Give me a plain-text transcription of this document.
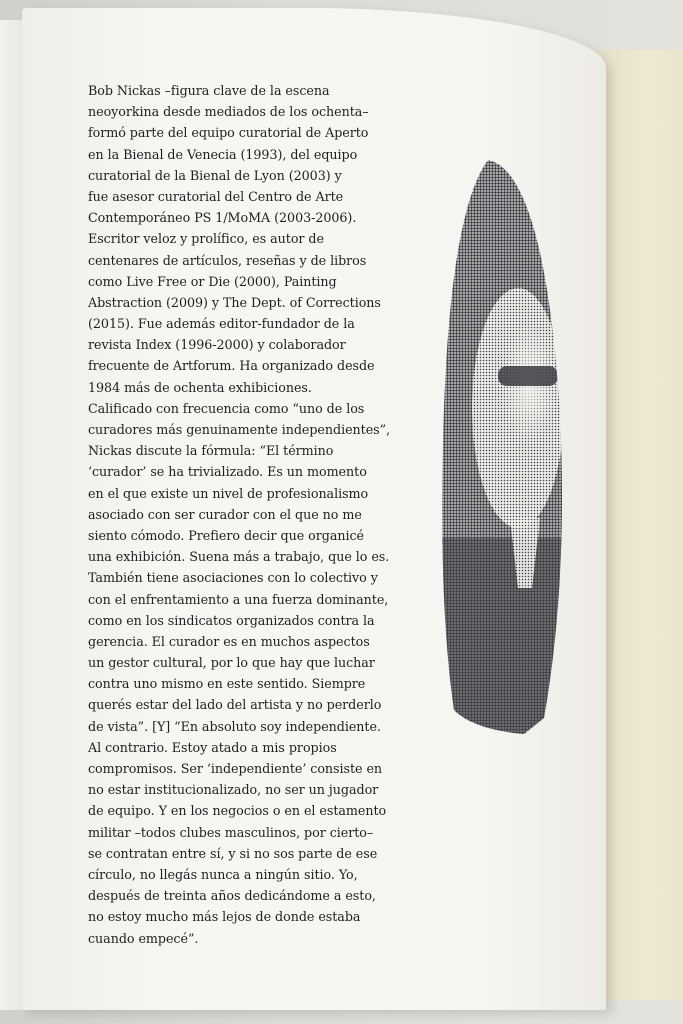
Bob Nickas –figura clave de la escena
neoyorkina desde mediados de los ochenta–
formó parte del equipo curatorial de Aperto
en la Bienal de Venecia (1993), del equipo
curatorial de la Bienal de Lyon (2003) y
fue asesor curatorial del Centro de Arte
Contemporáneo PS 1/MoMA (2003-2006).
Escritor veloz y prolífico, es autor de
centenares de artículos, reseñas y de libros
como Live Free or Die (2000), Painting
Abstraction (2009) y The Dept. of Corrections
(2015). Fue además editor-fundador de la
revista Index (1996-2000) y colaborador
frecuente de Artforum. Ha organizado desde
1984 más de ochenta exhibiciones.
Calificado con frecuencia como “uno de los
curadores más genuinamente independientes”,
Nickas discute la fórmula: “El término
‘curador’ se ha trivializado. Es un momento
en el que existe un nivel de profesionalismo
asociado con ser curador con el que no me
siento cómodo. Prefiero decir que organicé
una exhibición. Suena más a trabajo, que lo es.
También tiene asociaciones con lo colectivo y
con el enfrentamiento a una fuerza dominante,
como en los sindicatos organizados contra la
gerencia. El curador es en muchos aspectos
un gestor cultural, por lo que hay que luchar
contra uno mismo en este sentido. Siempre
querés estar del lado del artista y no perderlo
de vista”. [Y] “En absoluto soy independiente.
Al contrario. Estoy atado a mis propios
compromisos. Ser ‘independiente’ consiste en
no estar institucionalizado, no ser un jugador
de equipo. Y en los negocios o en el estamento
militar –todos clubes masculinos, por cierto–
se contratan entre sí, y si no sos parte de ese
círculo, no llegás nunca a ningún sitio. Yo,
después de treinta años dedicándome a esto,
no estoy mucho más lejos de donde estaba
cuando empecé”.
